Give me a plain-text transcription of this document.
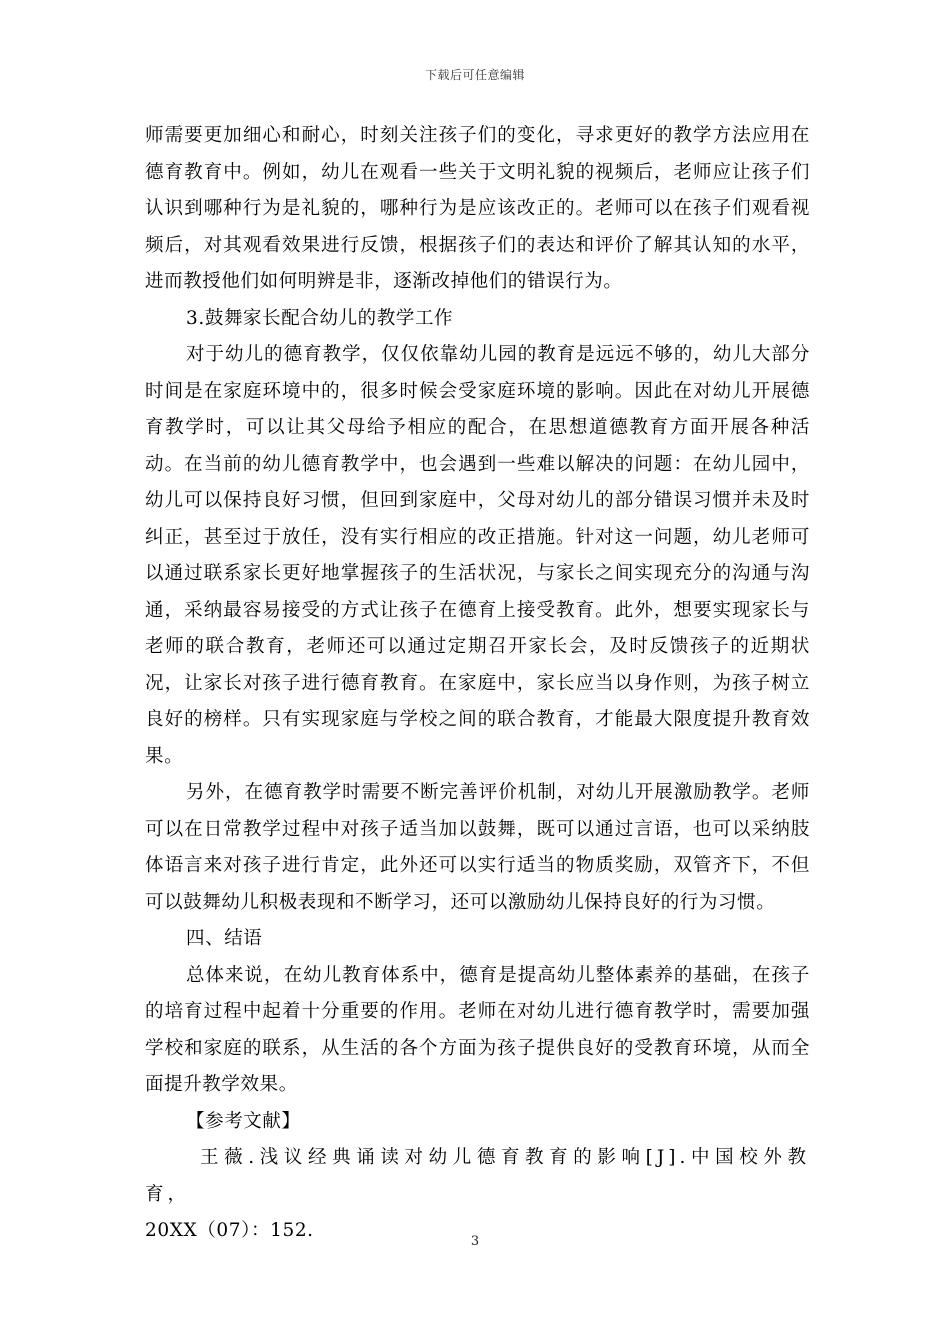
下载后可任意编辑

师需要更加细心和耐心，时刻关注孩子们的变化，寻求更好的教学方法应用在德育教育中。例如，幼儿在观看一些关于文明礼貌的视频后，老师应让孩子们认识到哪种行为是礼貌的，哪种行为是应该改正的。老师可以在孩子们观看视频后，对其观看效果进行反馈，根据孩子们的表达和评价了解其认知的水平，进而教授他们如何明辨是非，逐渐改掉他们的错误行为。

3.鼓舞家长配合幼儿的教学工作

对于幼儿的德育教学，仅仅依靠幼儿园的教育是远远不够的，幼儿大部分时间是在家庭环境中的，很多时候会受家庭环境的影响。因此在对幼儿开展德育教学时，可以让其父母给予相应的配合，在思想道德教育方面开展各种活动。在当前的幼儿德育教学中，也会遇到一些难以解决的问题：在幼儿园中，幼儿可以保持良好习惯，但回到家庭中，父母对幼儿的部分错误习惯并未及时纠正，甚至过于放任，没有实行相应的改正措施。针对这一问题，幼儿老师可以通过联系家长更好地掌握孩子的生活状况，与家长之间实现充分的沟通与沟通，采纳最容易接受的方式让孩子在德育上接受教育。此外，想要实现家长与老师的联合教育，老师还可以通过定期召开家长会，及时反馈孩子的近期状况，让家长对孩子进行德育教育。在家庭中，家长应当以身作则，为孩子树立良好的榜样。只有实现家庭与学校之间的联合教育，才能最大限度提升教育效果。

另外，在德育教学时需要不断完善评价机制，对幼儿开展激励教学。老师可以在日常教学过程中对孩子适当加以鼓舞，既可以通过言语，也可以采纳肢体语言来对孩子进行肯定，此外还可以实行适当的物质奖励，双管齐下，不但可以鼓舞幼儿积极表现和不断学习，还可以激励幼儿保持良好的行为习惯。

四、结语

总体来说，在幼儿教育体系中，德育是提高幼儿整体素养的基础，在孩子的培育过程中起着十分重要的作用。老师在对幼儿进行德育教学时，需要加强学校和家庭的联系，从生活的各个方面为孩子提供良好的受教育环境，从而全面提升教学效果。

【参考文献】

王薇.浅议经典诵读对幼儿德育教育的影响[J].中国校外教育，
20XX（07）：152.

3
